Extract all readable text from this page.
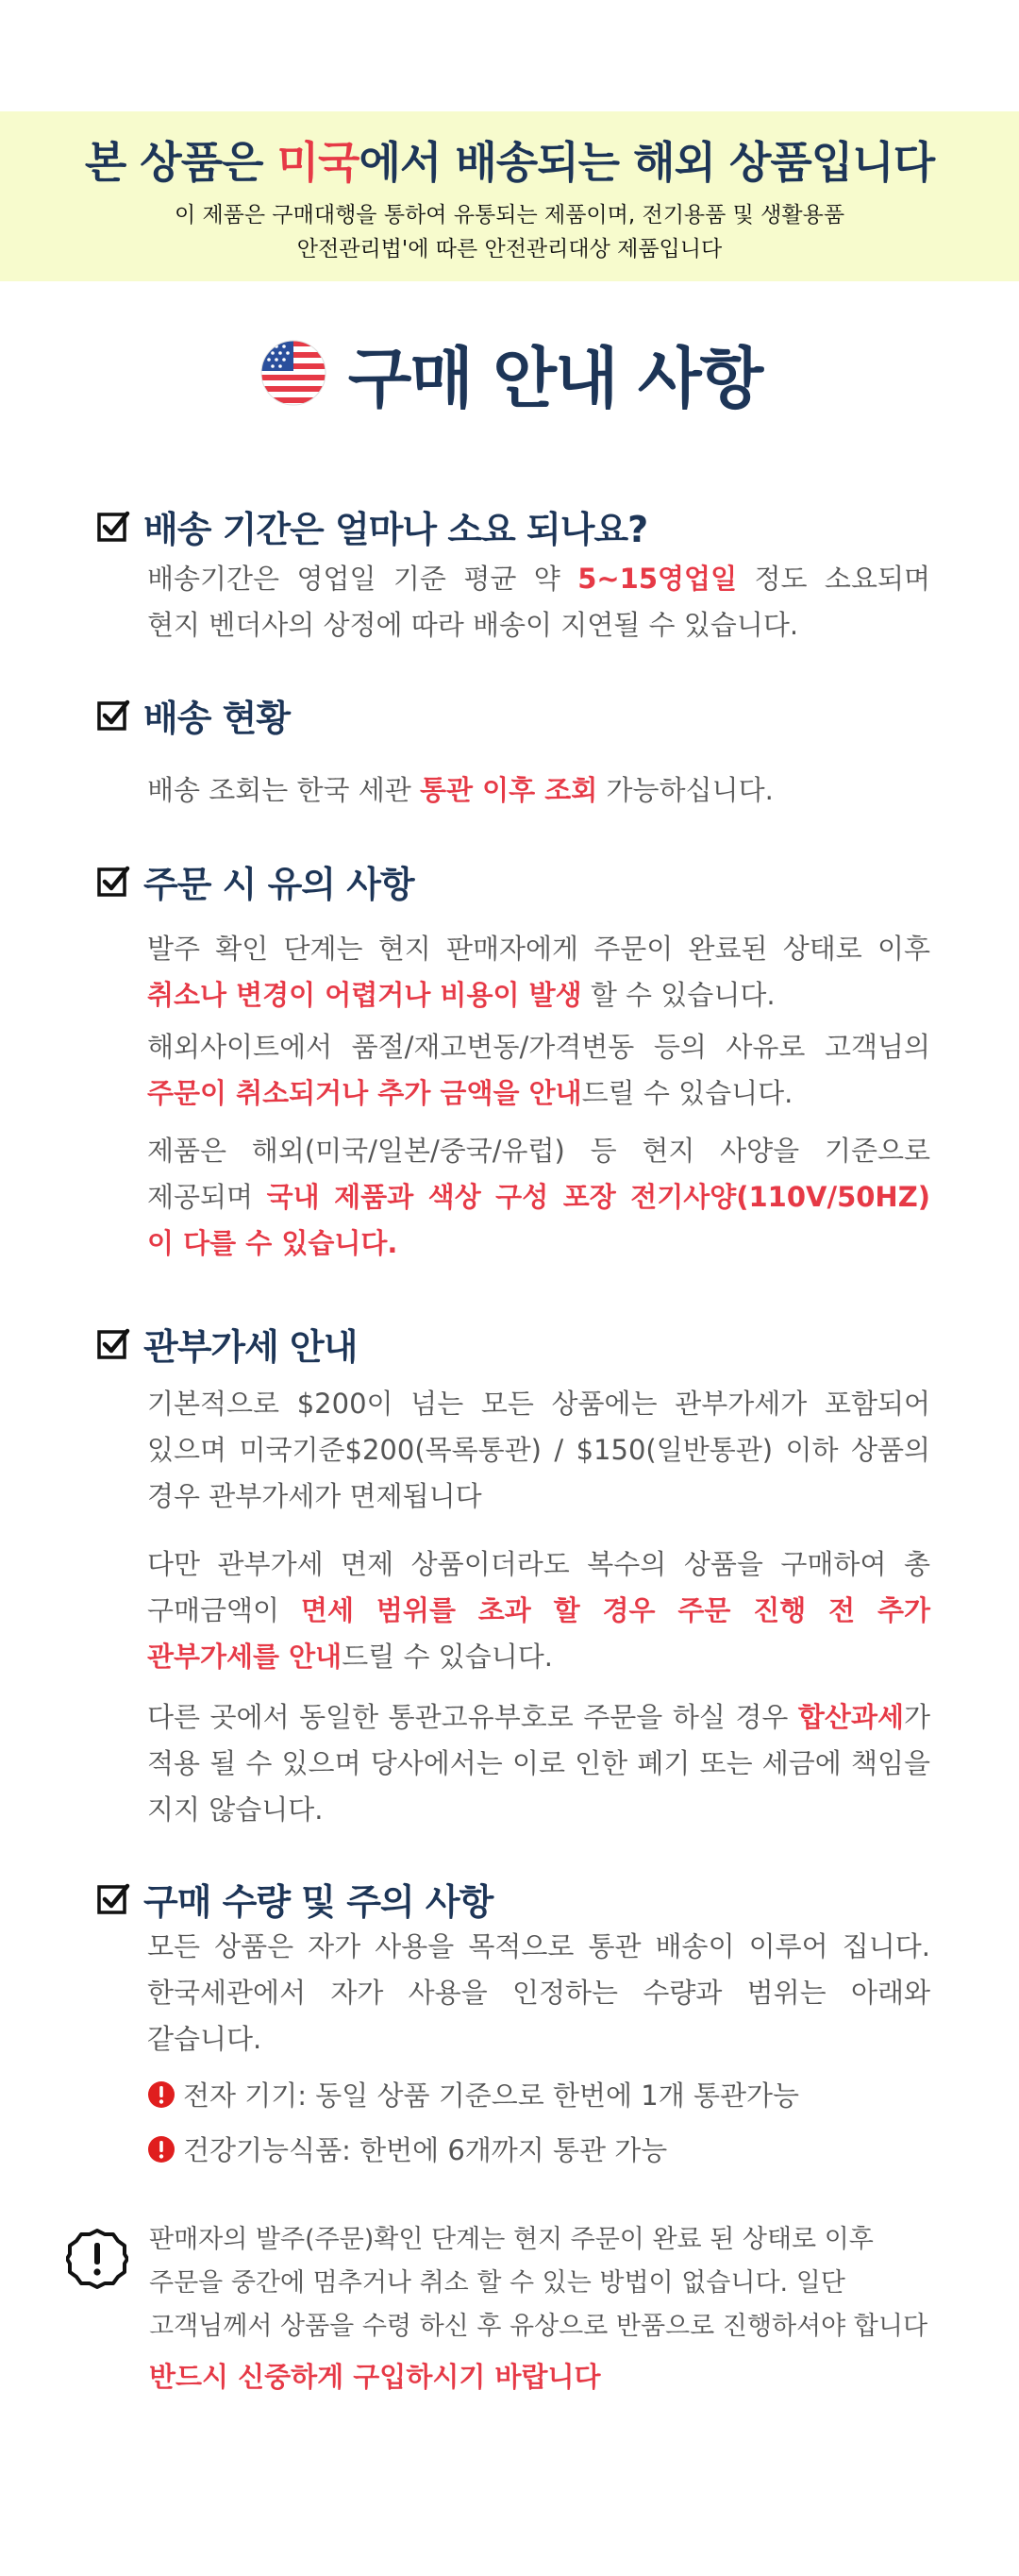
본 상품은 미국에서 배송되는 해외 상품입니다
이 제품은 구매대행을 통하여 유통되는 제품이며, 전기용품 및 생활용품
안전관리법'에 따른 안전관리대상 제품입니다
구매 안내 사항
배송 기간은 얼마나 소요 되나요?
배송기간은 영업일 기준 평균 약 5~15영업일 정도 소요되며 현지 벤더사의 상정에 따라 배송이 지연될 수 있습니다.
배송 현황
배송 조회는 한국 세관 통관 이후 조회 가능하십니다.
주문 시 유의 사항
발주 확인 단계는 현지 판매자에게 주문이 완료된 상태로 이후 취소나 변경이 어렵거나 비용이 발생 할 수 있습니다.
해외사이트에서 품절/재고변동/가격변동 등의 사유로 고객님의 주문이 취소되거나 추가 금액을 안내드릴 수 있습니다.
제품은 해외(미국/일본/중국/유럽) 등 현지 사양을 기준으로 제공되며 국내 제품과 색상 구성 포장 전기사양(110V/50HZ) 이 다를 수 있습니다.
관부가세 안내
기본적으로 $200이 넘는 모든 상품에는 관부가세가 포함되어 있으며 미국기준$200(목록통관) / $150(일반통관) 이하 상품의 경우 관부가세가 면제됩니다
다만 관부가세 면제 상품이더라도 복수의 상품을 구매하여 총 구매금액이 면세 범위를 초과 할 경우 주문 진행 전 추가 관부가세를 안내드릴 수 있습니다.
다른 곳에서 동일한 통관고유부호로 주문을 하실 경우 합산과세가 적용 될 수 있으며 당사에서는 이로 인한 폐기 또는 세금에 책임을 지지 않습니다.
구매 수량 및 주의 사항
모든 상품은 자가 사용을 목적으로 통관 배송이 이루어 집니다. 한국세관에서 자가 사용을 인정하는 수량과 범위는 아래와 같습니다.
전자 기기: 동일 상품 기준으로 한번에 1개 통관가능
건강기능식품: 한번에 6개까지 통관 가능
판매자의 발주(주문)확인 단계는 현지 주문이 완료 된 상태로 이후 주문을 중간에 멈추거나 취소 할 수 있는 방법이 없습니다. 일단 고객님께서 상품을 수령 하신 후 유상으로 반품으로 진행하셔야 합니다
반드시 신중하게 구입하시기 바랍니다
